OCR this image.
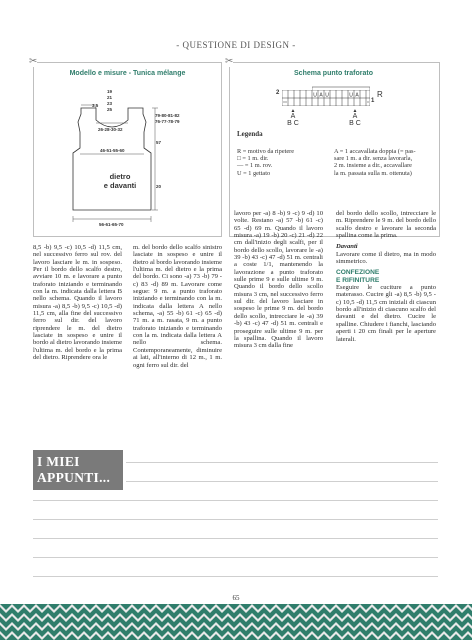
- QUESTIONE DI DESIGN -
✂
Modello e misure - Tunica mélange
19
21
23
25
3,5
26-28-30-32
79-80-81-82
76-77-78-79
57
46-51-55-60
20
56-61-65-70
dietro
e davanti
✂
Schema punto traforato
U A U	U A
2
1
R
▲
A
B C
▲
A
B C
Legenda
R = motivo da ripetere
□ = 1 m. dir.
— = 1 m. rov.
U = 1 gettato
A = 1 accavallata doppia (= pas-
sare 1 m. a dir. senza lavorarla,
2 m. insieme a dir., accavallare
la m. passata sulla m. ottenuta)

8,5 -b) 9,5 -c) 10,5 -d) 11,5 cm, nel successivo ferro sul rov. del lavoro lasciare le m. in sospeso. Per il bordo dello scalfo destro, avviare 10 m. e lavorare a punto traforato iniziando e terminando con la m. indicata dalla lettera B nello schema. Quando il lavoro misura -a) 8,5 -b) 9,5 -c) 10,5 -d) 11,5 cm, alla fine del successivo ferro sul dir. del lavoro riprendere le m. del dietro lasciate in sospeso e unire il bordo al dietro lavorando insieme l'ultima m. del bordo e la prima del dietro. Riprendere ora le

m. del bordo dello scalfo sinistro lasciate in sospeso e unire il dietro al bordo lavorando insieme l'ultima m. del dietro e la prima del bordo. Ci sono -a) 73 -b) 79 -c) 83 -d) 89 m. Lavorare come segue: 9 m. a punto traforato iniziando e terminando con la m. indicata dalla lettera A nello schema, -a) 55 -b) 61 -c) 65 -d) 71 m. a m. rasata, 9 m. a punto traforato iniziando e terminando con la m. indicata dalla lettera A nello schema. Contemporaneamente, diminuire ai lati, all'interno di 12 m., 1 m. ogni ferro sul dir. del

lavoro per -a) 8 -b) 9 -c) 9 -d) 10 volte. Restano -a) 57 -b) 61 -c) 65 -d) 69 m. Quando il lavoro misura -a) 19 -b) 20 -c) 21 -d) 22 cm dall'inizio degli scalfi, per il bordo dello scollo, lavorare le -a) 39 -b) 43 -c) 47 -d) 51 m. centrali a coste 1/1, mantenendo la lavorazione a punto traforato sulle prime 9 e sulle ultime 9 m. Quando il bordo dello scollo misura 3 cm, nel successivo ferro sul dir. del lavoro lasciare in sospeso le prime 9 m. del bordo dello scollo, intrecciare le -a) 39 -b) 43 -c) 47 -d) 51 m. centrali e proseguire sulle ultime 9 m. per la spallina. Quando il lavoro misura 3 cm dalla fine

del bordo dello scollo, intrecciare le m. Riprendere le 9 m. del bordo dello scalfo destro e lavorare la seconda spallina come la prima.

Davanti

Lavorare come il dietro, ma in modo simmetrico.

CONFEZIONE

E RIFINITURE

Eseguire le cuciture a punto materasso. Cucire gli -a) 8,5 -b) 9,5 -c) 10,5 -d) 11,5 cm iniziali di ciascun bordo all'inizio di ciascuno scalfo del davanti e del dietro. Cucire le spalline. Chiudere i fianchi, lasciando aperti i 20 cm finali per le aperture laterali.

I MIEI
APPUNTI...
65
